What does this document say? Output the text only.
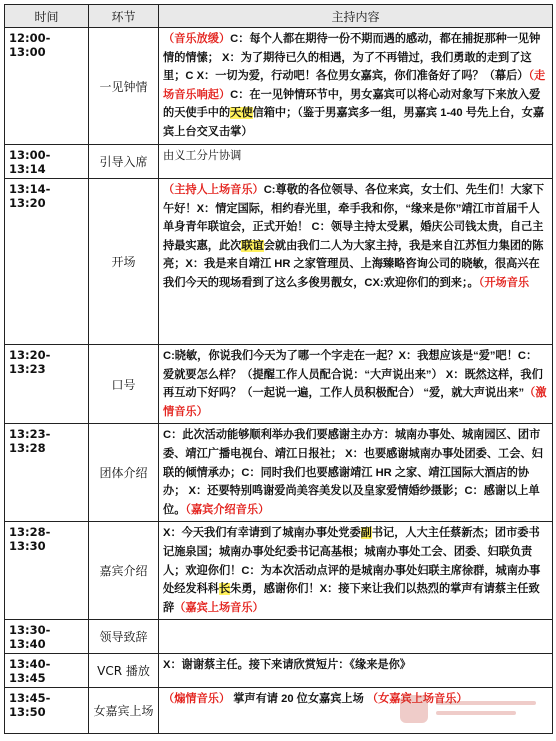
时间	环节	主持内容
12:00-13:00	一见钟情	（音乐放缓）C：每个人都在期待一份不期而遇的感动，都在捕捉那种一见钟情的情愫； X：为了期待已久的相遇，为了不再错过，我们勇敢的走到了这里；C X：一切为爱，行动吧！各位男女嘉宾，你们准备好了吗？（幕后）（走场音乐响起）C：在一见钟情环节中，男女嘉宾可以将心动对象写下来放入爱的天使手中的天使信箱中；（鉴于男嘉宾多一组，男嘉宾 1-40 号先上台，女嘉宾上台交叉击掌）
13:00-13:14	引导入席	由义工分片协调
13:14-13:20	开场	（主持人上场音乐）C:尊敬的各位领导、各位来宾，女士们、先生们！大家下午好！X：情定国际，相约春光里，牵手我和你，“缘来是你”靖江市首届千人单身青年联谊会，正式开始！ C：领导主持太受累，婚庆公司钱太贵，自己主持最实惠，此次联谊会就由我们二人为大家主持，我是来自江苏恒力集团的陈亮；X：我是来自靖江 HR 之家管理员、上海臻略咨询公司的晓敏，很高兴在我们今天的现场看到了这么多俊男靓女，CX:欢迎你们的到来；。（开场音乐
13:20-13:23	口号	C:晓敏，你说我们今天为了哪一个字走在一起？X：我想应该是“爱”吧！C：爱就要怎么样？（提醒工作人员配合说：“大声说出来”） X：既然这样，我们再互动下好吗？（一起说一遍，工作人员积极配合） “爱，就大声说出来”（激情音乐）
13:23-13:28	团体介绍	C：此次活动能够顺利举办我们要感谢主办方：城南办事处、城南园区、团市委、靖江广播电视台、靖江日报社； X：也要感谢城南办事处团委、工会、妇联的倾情承办；C：同时我们也要感谢靖江 HR 之家、靖江国际大酒店的协办； X：还要特别鸣谢爱尚美容美发以及皇家爱情婚纱摄影；C：感谢以上单位。（嘉宾介绍音乐）
13:28-13:30	嘉宾介绍	X：今天我们有幸请到了城南办事处党委副书记，人大主任蔡新杰；团市委书记施泉国；城南办事处纪委书记高基根；城南办事处工会、团委、妇联负责人；欢迎你们！C：为本次活动点评的是城南办事处妇联主席徐群，城南办事处经发科科长朱勇，感谢你们！X：接下来让我们以热烈的掌声有请蔡主任致辞（嘉宾上场音乐）
13:30-13:40	领导致辞	
13:40-13:45	VCR 播放	X：谢谢蔡主任。接下来请欣赏短片：《缘来是你》
13:45-13:50	女嘉宾上场	（煽情音乐） 掌声有请 20 位女嘉宾上场 （女嘉宾上场音乐）
